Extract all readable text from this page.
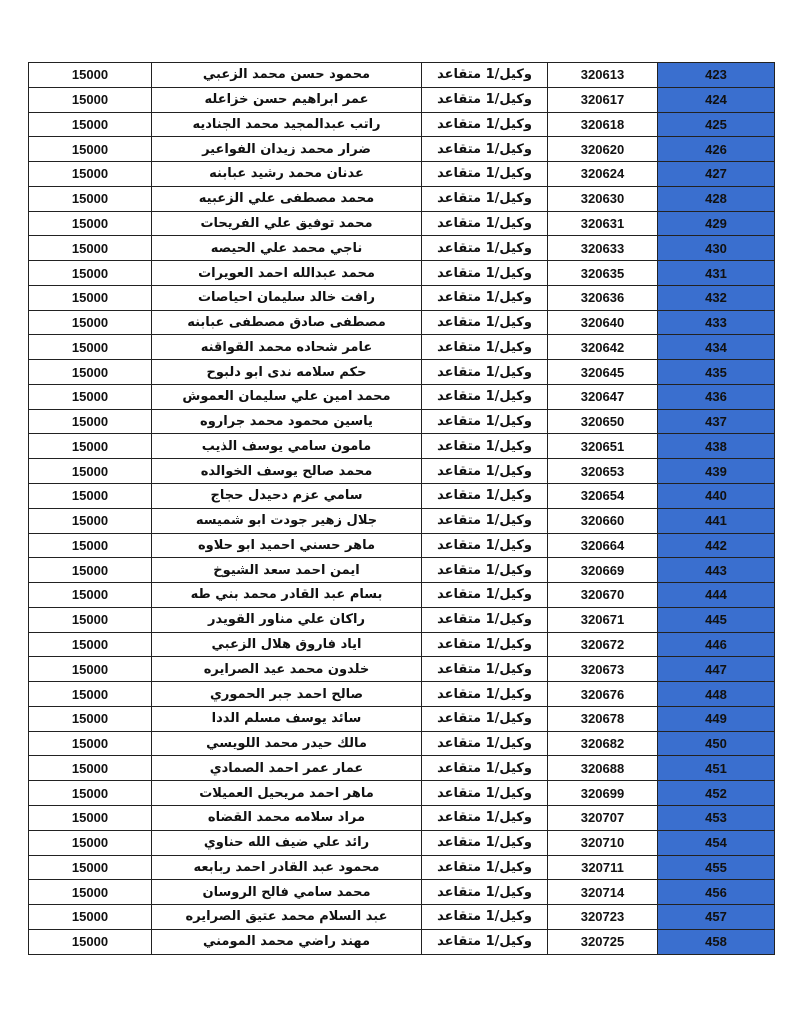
15000	محمود حسن محمد الزعبي	وكيل/1 متقاعد	320613	423
15000	عمر ابراهيم حسن خزاعله	وكيل/1 متقاعد	320617	424
15000	راتب عبدالمجيد محمد الجناديه	وكيل/1 متقاعد	320618	425
15000	ضرار محمد زيدان الفواعير	وكيل/1 متقاعد	320620	426
15000	عدنان محمد رشيد عبابنه	وكيل/1 متقاعد	320624	427
15000	محمد مصطفى علي الزعبيه	وكيل/1 متقاعد	320630	428
15000	محمد توفيق علي الفريحات	وكيل/1 متقاعد	320631	429
15000	ناجي محمد علي الحيصه	وكيل/1 متقاعد	320633	430
15000	محمد عبدالله احمد العويرات	وكيل/1 متقاعد	320635	431
15000	رافت خالد سليمان احياصات	وكيل/1 متقاعد	320636	432
15000	مصطفى صادق مصطفى عبابنه	وكيل/1 متقاعد	320640	433
15000	عامر شحاده محمد القواقنه	وكيل/1 متقاعد	320642	434
15000	حكم سلامه ندى ابو دلبوح	وكيل/1 متقاعد	320645	435
15000	محمد امين علي سليمان العموش	وكيل/1 متقاعد	320647	436
15000	ياسين محمود محمد جراروه	وكيل/1 متقاعد	320650	437
15000	مامون سامي يوسف الذيب	وكيل/1 متقاعد	320651	438
15000	محمد صالح يوسف الخوالده	وكيل/1 متقاعد	320653	439
15000	سامي عزم دحيدل حجاج	وكيل/1 متقاعد	320654	440
15000	جلال زهير جودت ابو شميسه	وكيل/1 متقاعد	320660	441
15000	ماهر حسني احميد ابو حلاوه	وكيل/1 متقاعد	320664	442
15000	ايمن احمد سعد الشيوخ	وكيل/1 متقاعد	320669	443
15000	بسام عبد القادر محمد بني طه	وكيل/1 متقاعد	320670	444
15000	راكان علي مناور القويدر	وكيل/1 متقاعد	320671	445
15000	اياد فاروق هلال الزعبي	وكيل/1 متقاعد	320672	446
15000	خلدون محمد عيد الصرايره	وكيل/1 متقاعد	320673	447
15000	صالح احمد جبر الحموري	وكيل/1 متقاعد	320676	448
15000	سائد يوسف مسلم الددا	وكيل/1 متقاعد	320678	449
15000	مالك حيدر محمد اللويسي	وكيل/1 متقاعد	320682	450
15000	عمار عمر احمد الصمادي	وكيل/1 متقاعد	320688	451
15000	ماهر احمد مريحيل العميلات	وكيل/1 متقاعد	320699	452
15000	مراد سلامه محمد القضاه	وكيل/1 متقاعد	320707	453
15000	رائد علي ضيف الله حناوي	وكيل/1 متقاعد	320710	454
15000	محمود عبد القادر احمد ربابعه	وكيل/1 متقاعد	320711	455
15000	محمد سامي فالح الروسان	وكيل/1 متقاعد	320714	456
15000	عبد السلام محمد عتيق الصرايره	وكيل/1 متقاعد	320723	457
15000	مهند راضي محمد المومني	وكيل/1 متقاعد	320725	458
